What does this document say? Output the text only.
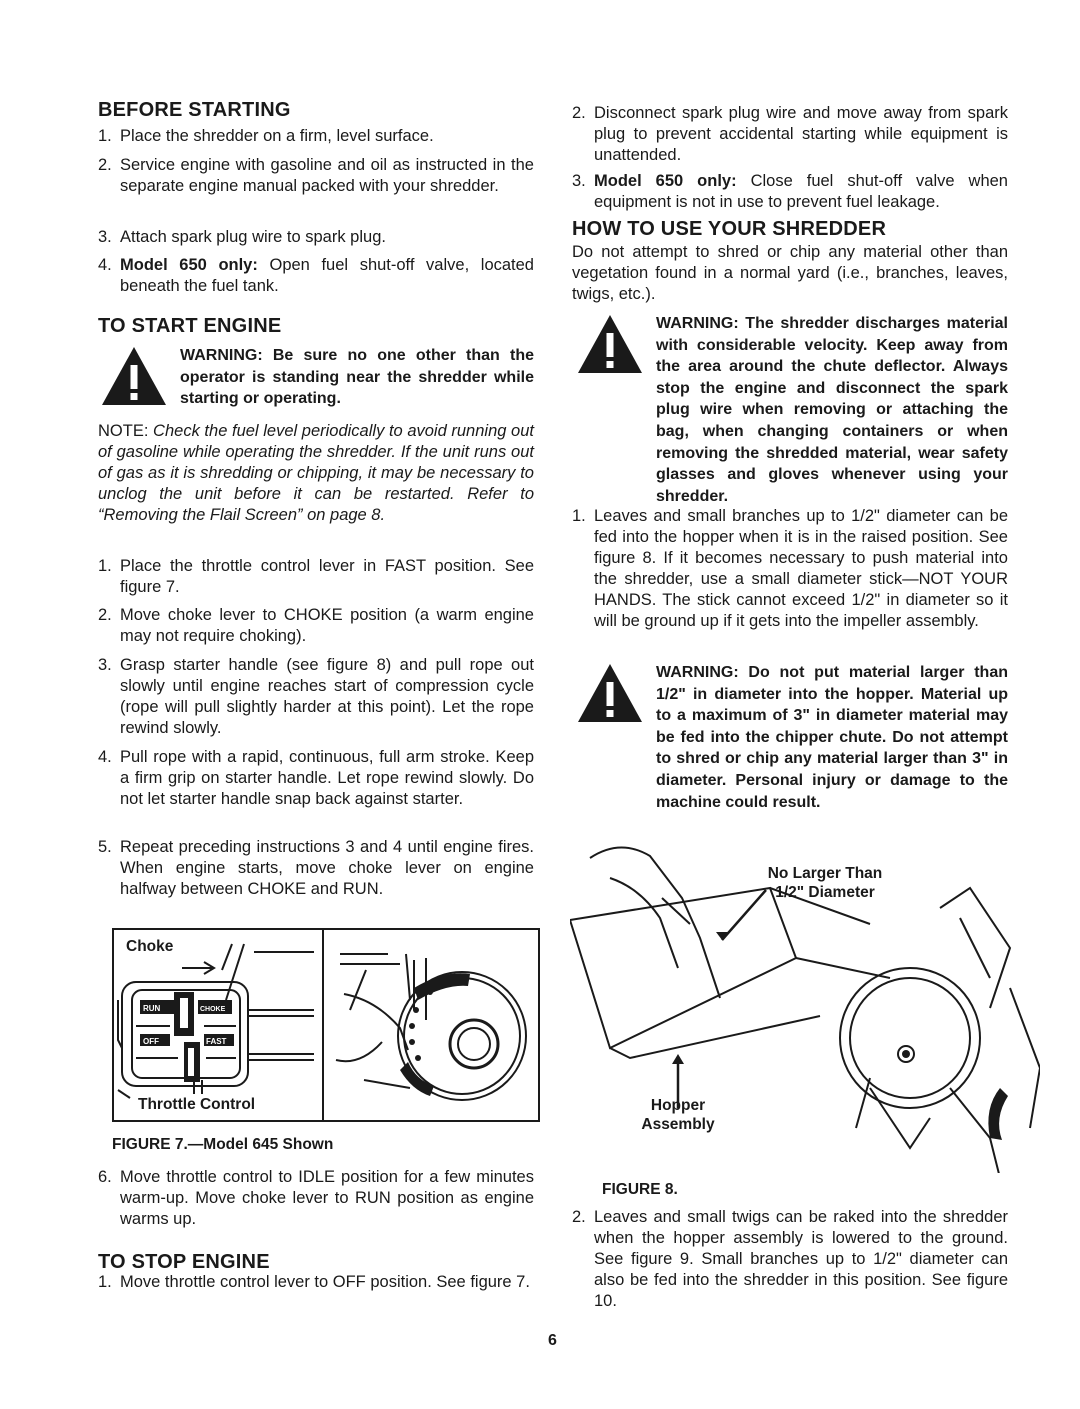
BEFORE STARTING
1. Place the shredder on a firm, level surface.
2. Service engine with gasoline and oil as instructed in the separate engine manual packed with your shredder.
3. Attach spark plug wire to spark plug.
4. Model 650 only: Open fuel shut-off valve, located beneath the fuel tank.
TO START ENGINE
WARNING: Be sure no one other than the operator is standing near the shredder while starting or operating.
NOTE: Check the fuel level periodically to avoid running out of gasoline while operating the shredder. If the unit runs out of gas as it is shredding or chipping, it may be necessary to unclog the unit before it can be restarted. Refer to “Removing the Flail Screen” on page 8.
1. Place the throttle control lever in FAST position. See figure 7.
2. Move choke lever to CHOKE position (a warm engine may not require choking).
3. Grasp starter handle (see figure 8) and pull rope out slowly until engine reaches start of compression cycle (rope will pull slightly harder at this point). Let the rope rewind slowly.
4. Pull rope with a rapid, continuous, full arm stroke. Keep a firm grip on starter handle. Let rope rewind slowly. Do not let starter handle snap back against starter.
5. Repeat preceding instructions 3 and 4 until engine fires. When engine starts, move choke lever on engine halfway between CHOKE and RUN.
Choke
Throttle Control
RUN	CHOKE
OFF	FAST
FIGURE 7.—Model 645 Shown
6. Move throttle control to IDLE position for a few minutes warm-up. Move choke lever to RUN position as engine warms up.
TO STOP ENGINE
1. Move throttle control lever to OFF position. See figure 7.
2. Disconnect spark plug wire and move away from spark plug to prevent accidental starting while equipment is unattended.
3. Model 650 only: Close fuel shut-off valve when equipment is not in use to prevent fuel leakage.
HOW TO USE YOUR SHREDDER
Do not attempt to shred or chip any material other than vegetation found in a normal yard (i.e., branches, leaves, twigs, etc.).
WARNING: The shredder discharges material with considerable velocity. Keep away from the area around the chute deflector. Always stop the engine and disconnect the spark plug wire when removing or attaching the bag, when changing containers or when removing the shredded material, wear safety glasses and gloves whenever using your shredder.
1. Leaves and small branches up to 1/2" diameter can be fed into the hopper when it is in the raised position. See figure 8. If it becomes necessary to push material into the shredder, use a small diameter stick—NOT YOUR HANDS. The stick cannot exceed 1/2" in diameter so it will be ground up if it gets into the impeller assembly.
WARNING: Do not put material larger than 1/2" in diameter into the hopper. Material up to a maximum of 3" in diameter material may be fed into the chipper chute. Do not attempt to shred or chip any material larger than 3" in diameter. Personal injury or damage to the machine could result.
2. Leaves and small twigs can be raked into the shredder when the hopper assembly is lowered to the ground. See figure 9. Small branches up to 1/2" diameter can also be fed into the shredder in this position. See figure 10.
No Larger Than
1/2" Diameter
Hopper
Assembly
FIGURE 8.
6
